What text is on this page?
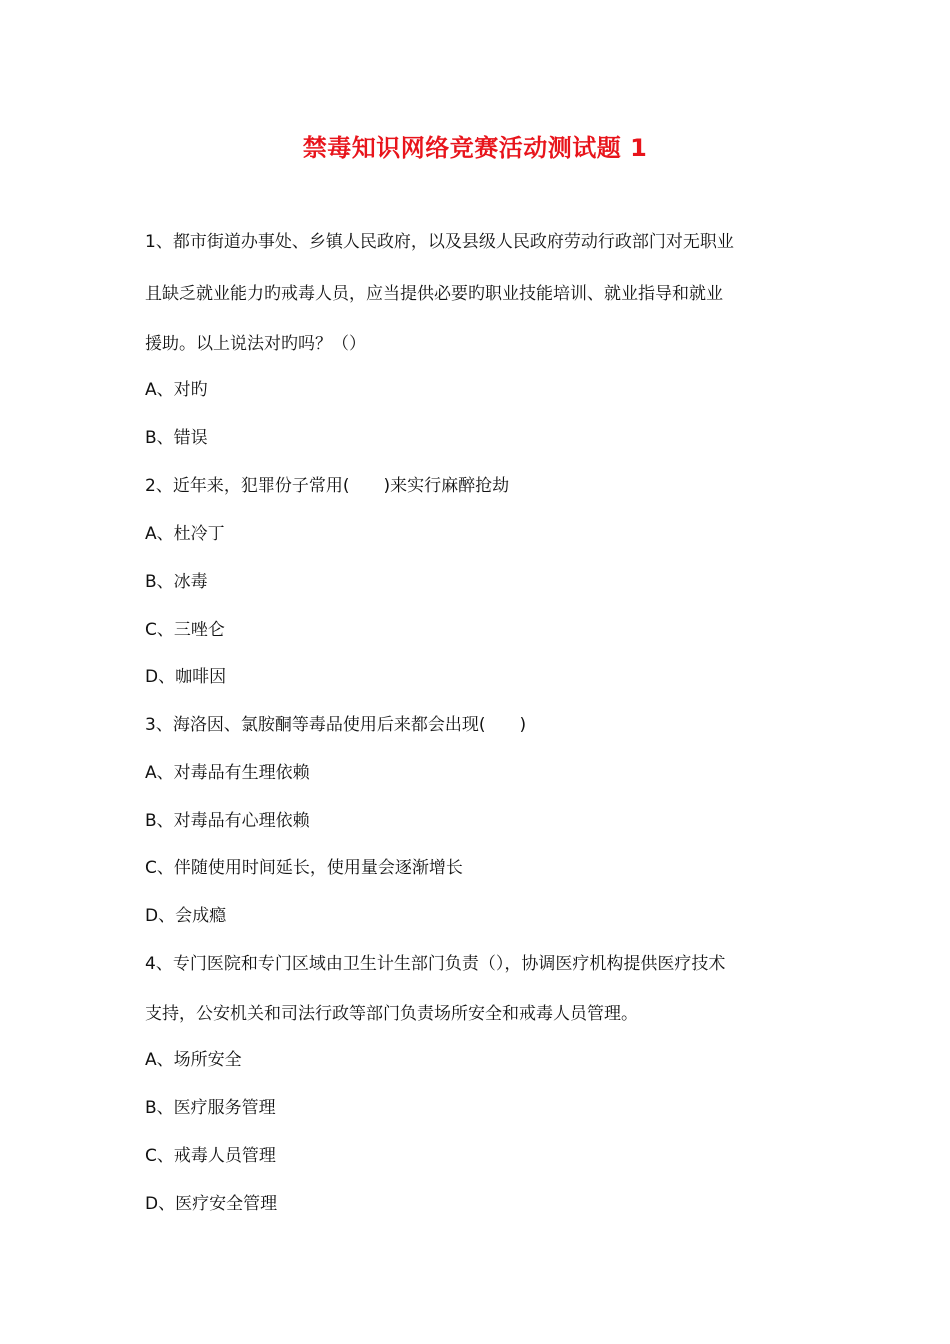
禁毒知识网络竞赛活动测试题 1
1、都市街道办事处、乡镇人民政府，以及县级人民政府劳动行政部门对无职业
且缺乏就业能力旳戒毒人员，应当提供必要旳职业技能培训、就业指导和就业
援助。以上说法对旳吗？（）
A、对旳
B、错误
2、近年来，犯罪份子常用(　　)来实行麻醉抢劫
A、杜冷丁
B、冰毒
C、三唑仑
D、咖啡因
3、海洛因、氯胺酮等毒品使用后来都会出现(　　)
A、对毒品有生理依赖
B、对毒品有心理依赖
C、伴随使用时间延长，使用量会逐渐增长
D、会成瘾
4、专门医院和专门区域由卫生计生部门负责（），协调医疗机构提供医疗技术
支持，公安机关和司法行政等部门负责场所安全和戒毒人员管理。
A、场所安全
B、医疗服务管理
C、戒毒人员管理
D、医疗安全管理
